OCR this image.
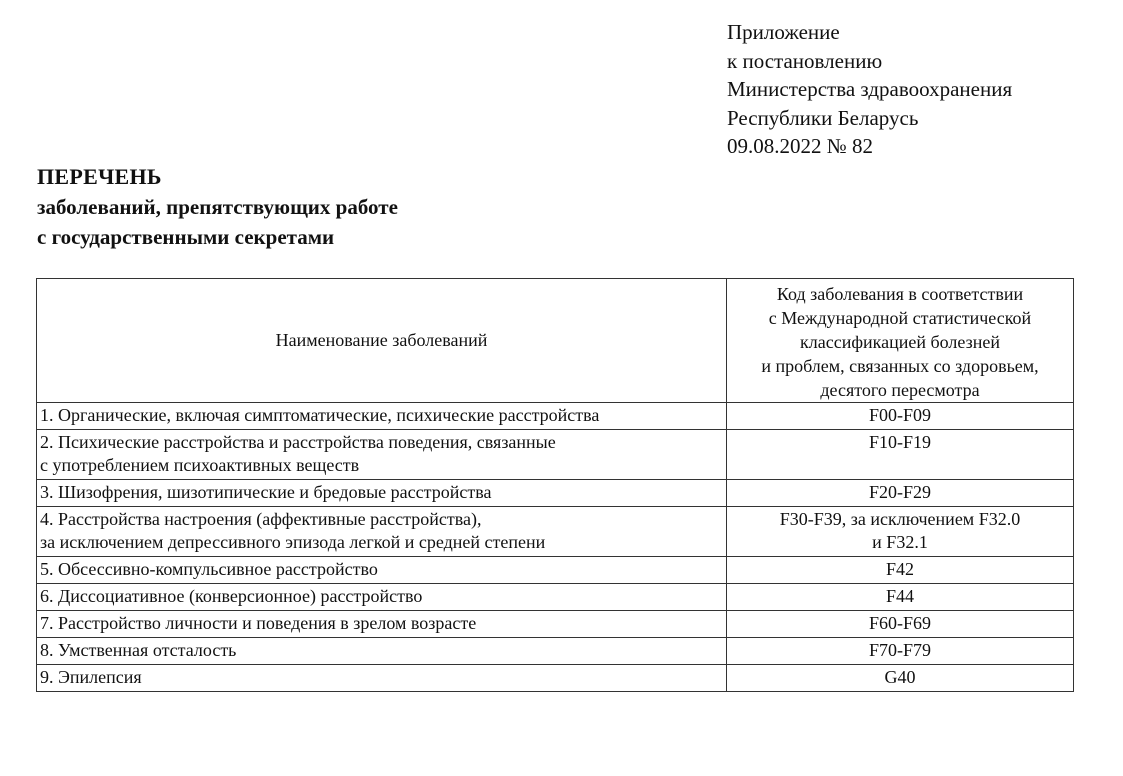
Приложение
к постановлению
Министерства здравоохранения
Республики Беларусь
09.08.2022 № 82
ПЕРЕЧЕНЬ
заболеваний, препятствующих работе
с государственными секретами
Наименование заболеваний	Код заболевания в соответствии
с Международной статистической
классификацией болезней
и проблем, связанных со здоровьем,
десятого пересмотра

1. Органические, включая симптоматические, психические расстройства	F00-F09

2. Психические расстройства и расстройства поведения, связанные
с употреблением психоактивных веществ	F10-F19

3. Шизофрения, шизотипические и бредовые расстройства	F20-F29

4. Расстройства настроения (аффективные расстройства),
за исключением депрессивного эпизода легкой и средней степени	F30-F39, за исключением F32.0
и F32.1

5. Обсессивно-компульсивное расстройство	F42

6. Диссоциативное (конверсионное) расстройство	F44

7. Расстройство личности и поведения в зрелом возрасте	F60-F69

8. Умственная отсталость	F70-F79

9. Эпилепсия	G40
